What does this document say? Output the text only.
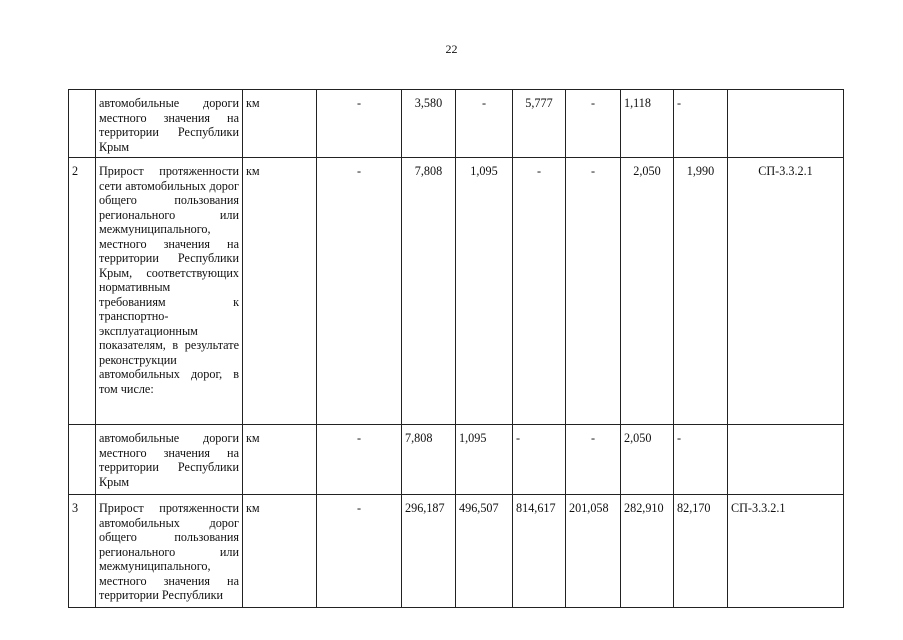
22
	автомобильные дороги местного значения на территории Республики Крым	км	-	3,580	-	5,777	-	1,118	-	
2	Прирост протяженности сети автомобильных дорог общего пользования регионального или межмуниципального, местного значения на территории Республики Крым, соответствующих нормативным требованиям к транспортно-эксплуатационным показателям, в результате реконструкции автомобильных дорог, в том числе:	км	-	7,808	1,095	-	-	2,050	1,990	СП-3.3.2.1
	автомобильные дороги местного значения на территории Республики Крым	км	-	7,808	1,095	-	-	2,050	-	
3	Прирост протяженности автомобильных дорог общего пользования регионального или межмуниципального, местного значения на территории Республики	км	-	296,187	496,507	814,617	201,058	282,910	82,170	СП-3.3.2.1
